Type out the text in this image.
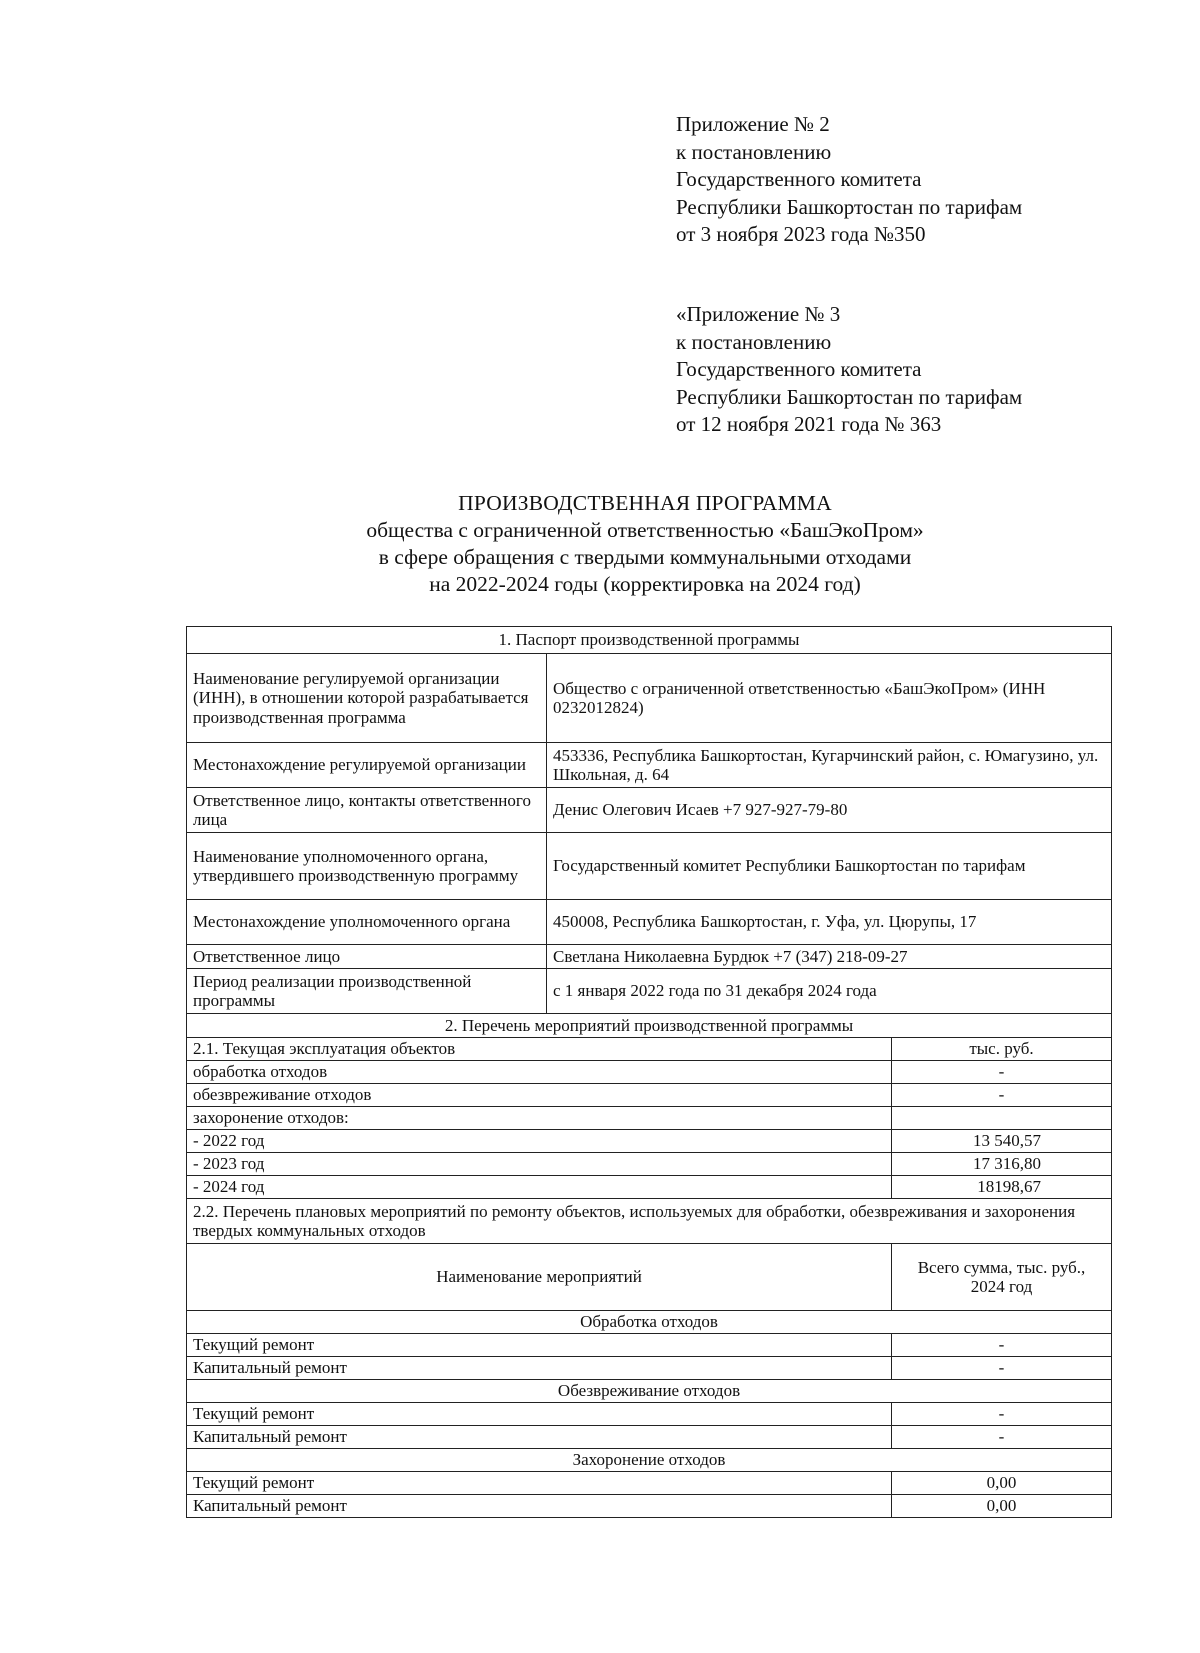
Приложение № 2
к постановлению
Государственного комитета
Республики Башкортостан по тарифам
от 3 ноября 2023 года №350
«Приложение № 3
к постановлению
Государственного комитета
Республики Башкортостан по тарифам
от 12 ноября 2021 года № 363
ПРОИЗВОДСТВЕННАЯ ПРОГРАММА
общества с ограниченной ответственностью «БашЭкоПром»
в сфере обращения с твердыми коммунальными отходами
на 2022-2024 годы (корректировка на 2024 год)
1. Паспорт производственной программы		
Наименование регулируемой организации (ИНН), в отношении которой разрабатывается производственная программа	Общество с ограниченной ответственностью «БашЭкоПром» (ИНН 0232012824)	
Местонахождение регулируемой организации	453336, Республика Башкортостан, Кугарчинский район, с. Юмагузино, ул. Школьная, д. 64	
Ответственное лицо, контакты ответственного лица	Денис Олегович Исаев +7 927-927-79-80	
Наименование уполномоченного органа, утвердившего производственную программу	Государственный комитет Республики Башкортостан по тарифам	
Местонахождение уполномоченного органа	450008, Республика Башкортостан, г. Уфа, ул. Цюрупы, 17	
Ответственное лицо	Светлана Николаевна Бурдюк +7 (347) 218-09-27	
Период реализации производственной программы	с 1 января 2022 года по 31 декабря 2024 года	
2. Перечень мероприятий производственной программы		
2.1. Текущая эксплуатация объектов		тыс. руб.
обработка отходов		-
обезвреживание отходов		-
захоронение отходов:		
- 2022 год		13 540,57
- 2023 год		17 316,80
- 2024 год		18198,67
2.2. Перечень плановых мероприятий по ремонту объектов, используемых для обработки, обезвреживания и захоронения твердых коммунальных отходов		
Наименование мероприятий		Всего сумма, тыс. руб., 2024 год
Обработка отходов		
Текущий ремонт		-
Капитальный ремонт		-
Обезвреживание отходов		
Текущий ремонт		-
Капитальный ремонт		-
Захоронение отходов		
Текущий ремонт		0,00
Капитальный ремонт		0,00
